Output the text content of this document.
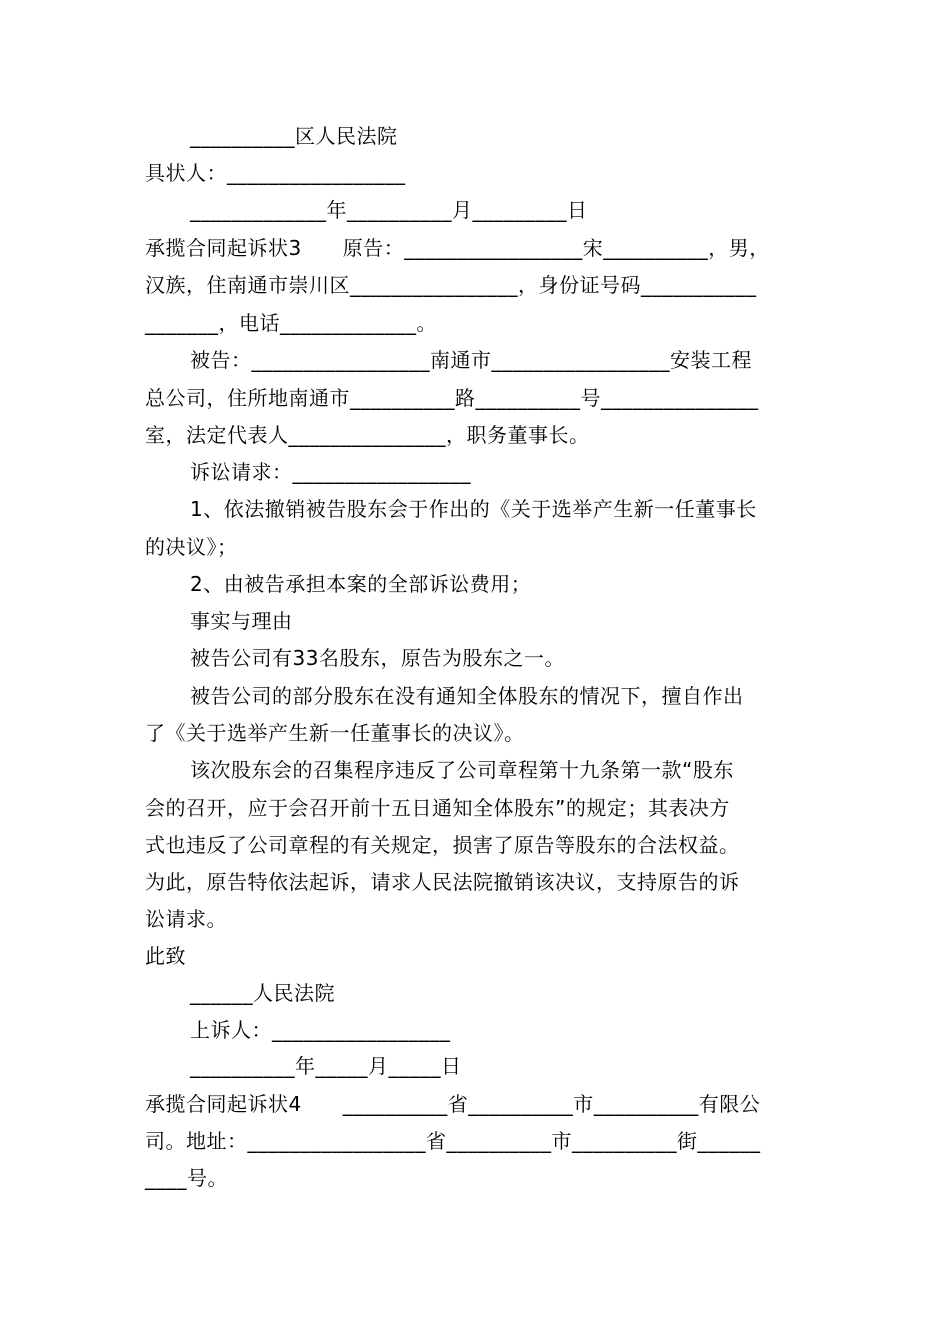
__________区人民法院
具状人：_________________
_____________年__________月_________日
承揽合同起诉状3　　原告：_________________宋__________，男，
汉族，住南通市崇川区________________，身份证号码___________
_______，电话_____________。
被告：_________________南通市_________________安装工程
总公司，住所地南通市__________路__________号_______________
室，法定代表人_______________，职务董事长。
诉讼请求：_________________
1、依法撤销被告股东会于作出的《关于选举产生新一任董事长
的决议》；
2、由被告承担本案的全部诉讼费用；
事实与理由
被告公司有33名股东，原告为股东之一。
被告公司的部分股东在没有通知全体股东的情况下，擅自作出
了《关于选举产生新一任董事长的决议》。
该次股东会的召集程序违反了公司章程第十九条第一款“股东
会的召开，应于会召开前十五日通知全体股东”的规定；其表决方
式也违反了公司章程的有关规定，损害了原告等股东的合法权益。
为此，原告特依法起诉，请求人民法院撤销该决议，支持原告的诉
讼请求。
此致
______人民法院
上诉人：_________________
__________年_____月_____日
承揽合同起诉状4　　__________省__________市__________有限公
司。地址：_________________省__________市__________街______
____号。
